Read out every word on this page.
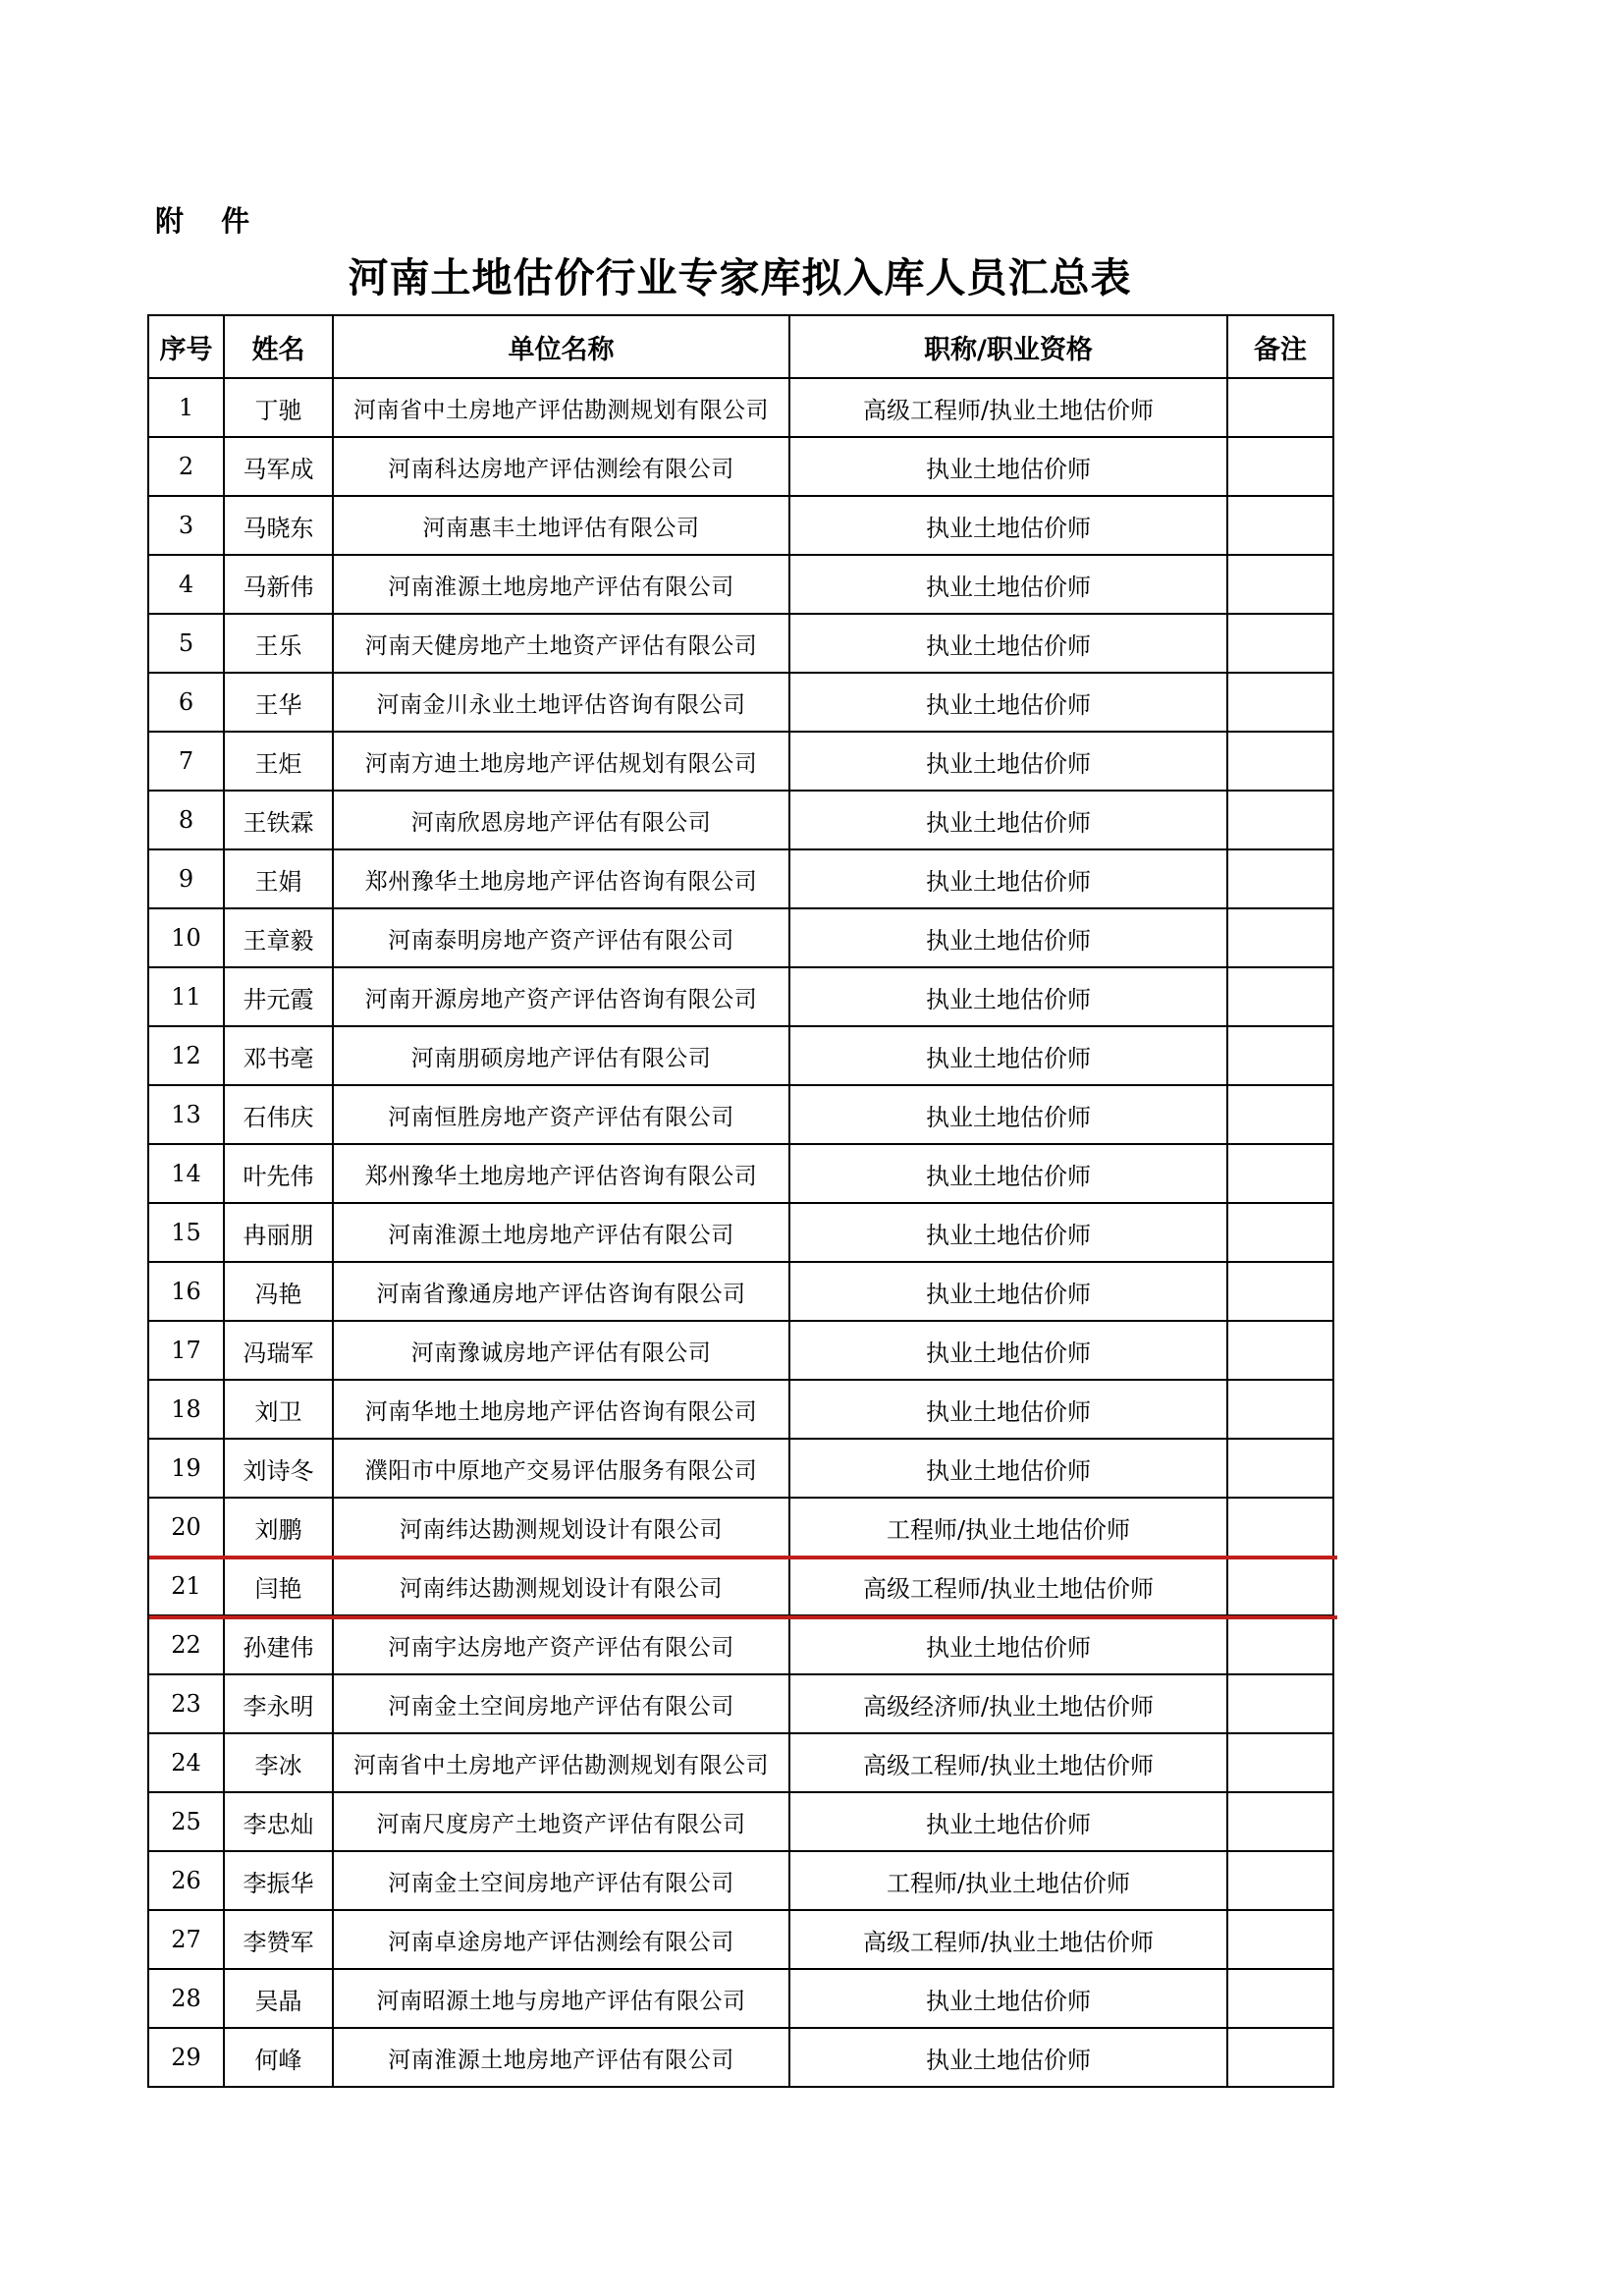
附 件
河南土地估价行业专家库拟入库人员汇总表
序号	姓名	单位名称	职称/职业资格	备注
1	丁驰	河南省中土房地产评估勘测规划有限公司	高级工程师/执业土地估价师	
2	马军成	河南科达房地产评估测绘有限公司	执业土地估价师	
3	马晓东	河南惠丰土地评估有限公司	执业土地估价师	
4	马新伟	河南淮源土地房地产评估有限公司	执业土地估价师	
5	王乐	河南天健房地产土地资产评估有限公司	执业土地估价师	
6	王华	河南金川永业土地评估咨询有限公司	执业土地估价师	
7	王炬	河南方迪土地房地产评估规划有限公司	执业土地估价师	
8	王铁霖	河南欣恩房地产评估有限公司	执业土地估价师	
9	王娟	郑州豫华土地房地产评估咨询有限公司	执业土地估价师	
10	王章毅	河南泰明房地产资产评估有限公司	执业土地估价师	
11	井元霞	河南开源房地产资产评估咨询有限公司	执业土地估价师	
12	邓书亳	河南朋硕房地产评估有限公司	执业土地估价师	
13	石伟庆	河南恒胜房地产资产评估有限公司	执业土地估价师	
14	叶先伟	郑州豫华土地房地产评估咨询有限公司	执业土地估价师	
15	冉丽朋	河南淮源土地房地产评估有限公司	执业土地估价师	
16	冯艳	河南省豫通房地产评估咨询有限公司	执业土地估价师	
17	冯瑞军	河南豫诚房地产评估有限公司	执业土地估价师	
18	刘卫	河南华地土地房地产评估咨询有限公司	执业土地估价师	
19	刘诗冬	濮阳市中原地产交易评估服务有限公司	执业土地估价师	
20	刘鹏	河南纬达勘测规划设计有限公司	工程师/执业土地估价师	
21	闫艳	河南纬达勘测规划设计有限公司	高级工程师/执业土地估价师	
22	孙建伟	河南宇达房地产资产评估有限公司	执业土地估价师	
23	李永明	河南金土空间房地产评估有限公司	高级经济师/执业土地估价师	
24	李冰	河南省中土房地产评估勘测规划有限公司	高级工程师/执业土地估价师	
25	李忠灿	河南尺度房产土地资产评估有限公司	执业土地估价师	
26	李振华	河南金土空间房地产评估有限公司	工程师/执业土地估价师	
27	李赞军	河南卓途房地产评估测绘有限公司	高级工程师/执业土地估价师	
28	吴晶	河南昭源土地与房地产评估有限公司	执业土地估价师	
29	何峰	河南淮源土地房地产评估有限公司	执业土地估价师	
